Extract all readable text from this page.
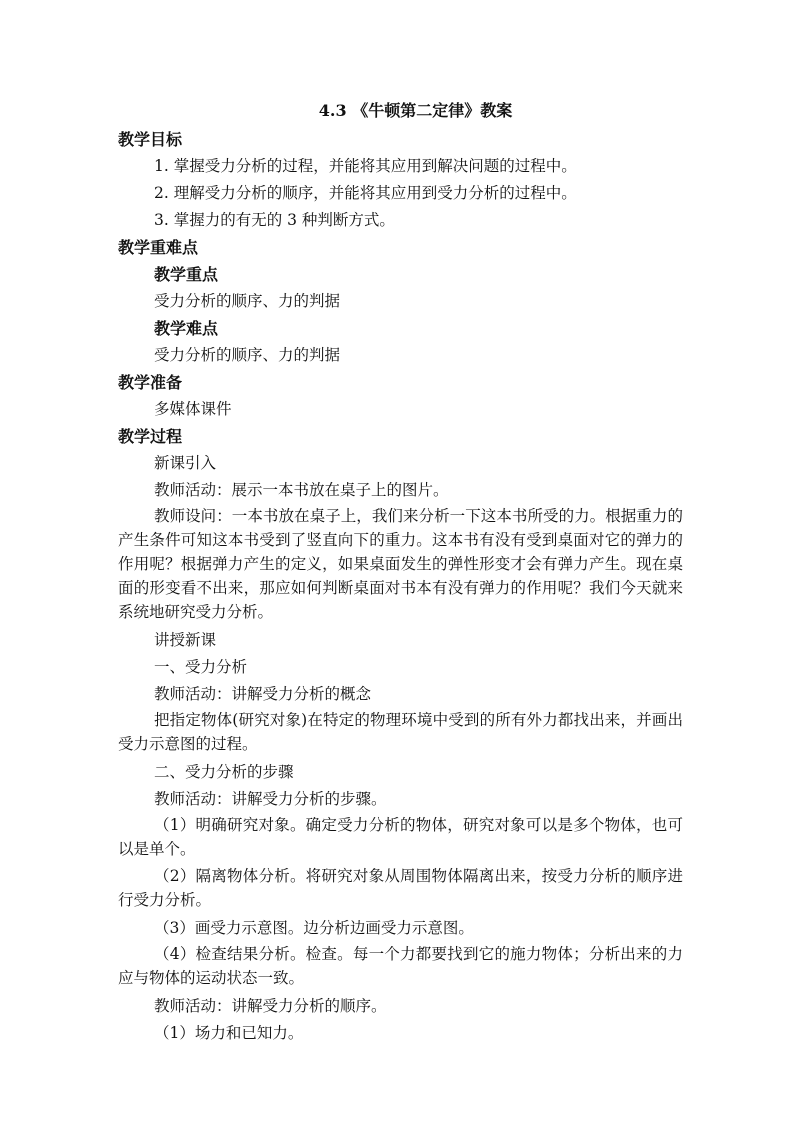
4.3 《牛顿第二定律》教案

教学目标

1. 掌握受力分析的过程，并能将其应用到解决问题的过程中。

2. 理解受力分析的顺序，并能将其应用到受力分析的过程中。

3. 掌握力的有无的 3 种判断方式。

教学重难点

教学重点

受力分析的顺序、力的判据

教学难点

受力分析的顺序、力的判据

教学准备

多媒体课件

教学过程

新课引入

教师活动：展示一本书放在桌子上的图片。

教师设问：一本书放在桌子上，我们来分析一下这本书所受的力。根据重力的产生条件可知这本书受到了竖直向下的重力。这本书有没有受到桌面对它的弹力的作用呢？根据弹力产生的定义，如果桌面发生的弹性形变才会有弹力产生。现在桌面的形变看不出来，那应如何判断桌面对书本有没有弹力的作用呢？我们今天就来系统地研究受力分析。

讲授新课

一、受力分析

教师活动：讲解受力分析的概念

把指定物体(研究对象)在特定的物理环境中受到的所有外力都找出来，并画出受力示意图的过程。

二、受力分析的步骤

教师活动：讲解受力分析的步骤。

（1）明确研究对象。确定受力分析的物体，研究对象可以是多个物体，也可以是单个。

（2）隔离物体分析。将研究对象从周围物体隔离出来，按受力分析的顺序进行受力分析。

（3）画受力示意图。边分析边画受力示意图。

（4）检查结果分析。检查。每一个力都要找到它的施力物体；分析出来的力应与物体的运动状态一致。

教师活动：讲解受力分析的顺序。

（1）场力和已知力。
